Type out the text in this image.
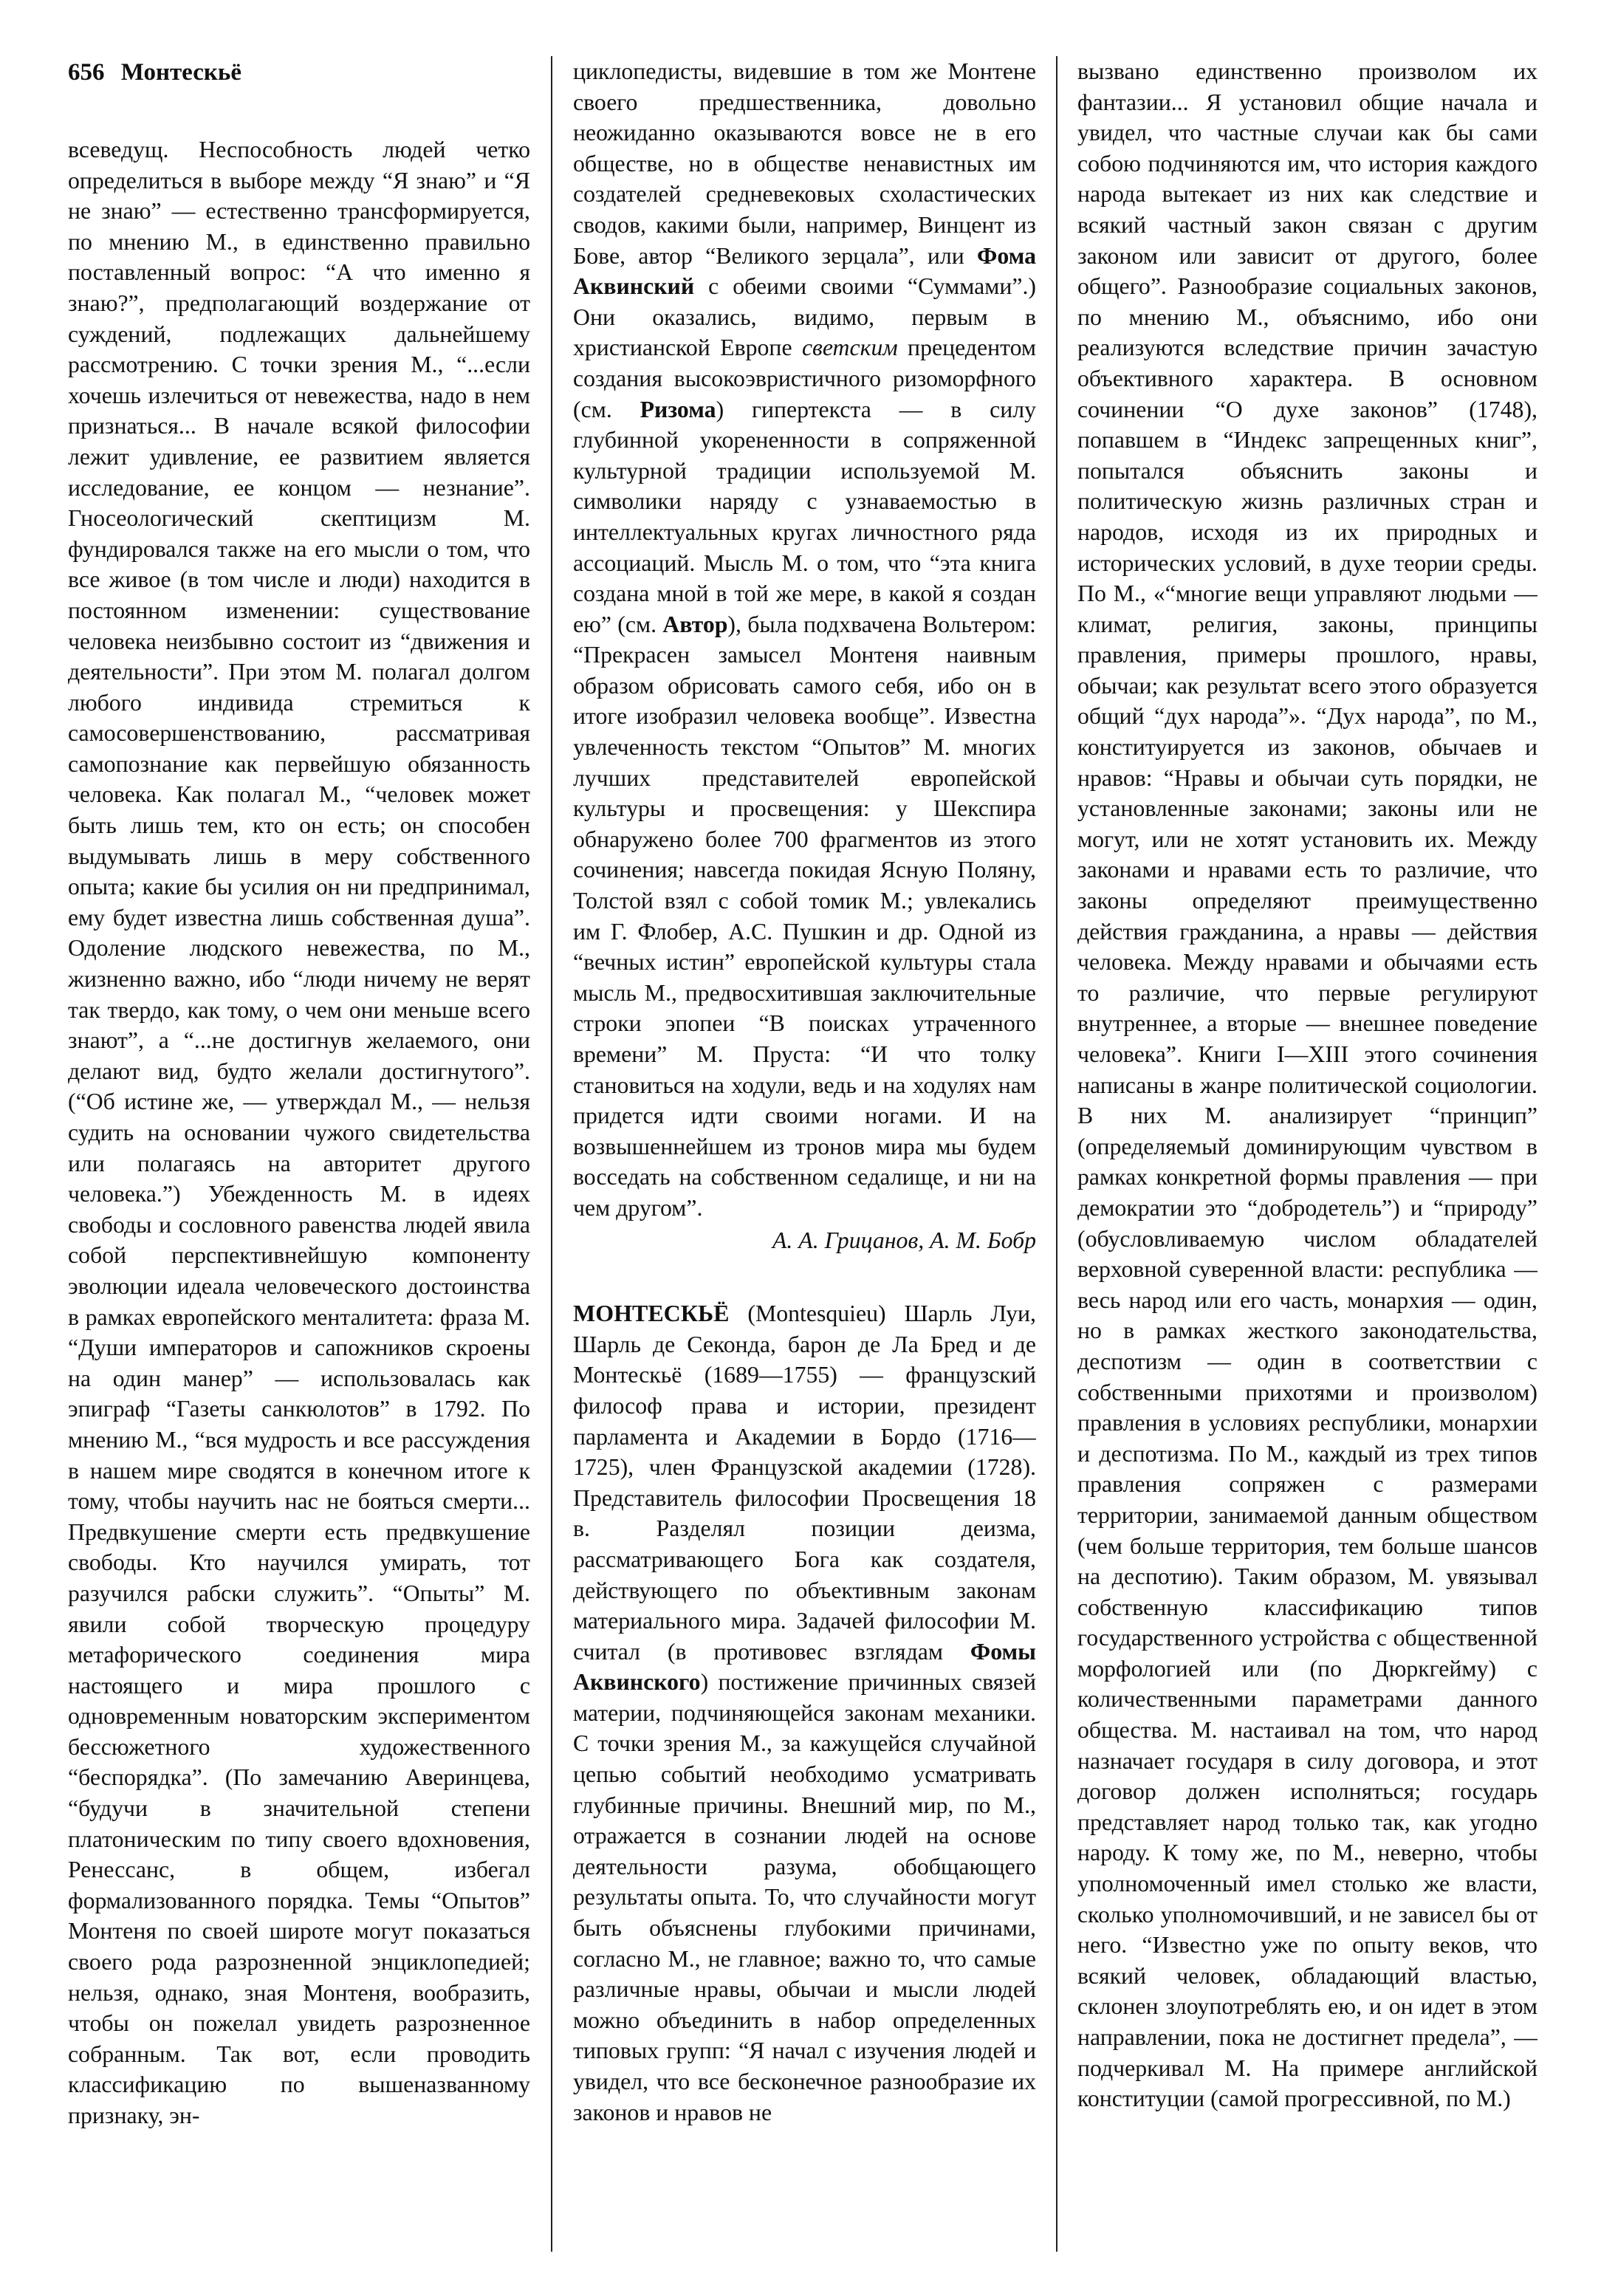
656 Монтескьё

всеведущ. Неспособность людей четко определиться в выборе между “Я знаю” и “Я не знаю” — естественно трансформируется, по мнению М., в единственно правильно поставленный вопрос: “А что именно я знаю?”, предполагающий воздержание от суждений, подлежащих дальнейшему рассмотрению. С точки зрения М., “...если хочешь излечиться от невежества, надо в нем признаться... В начале всякой философии лежит удивление, ее развитием является исследование, ее концом — незнание”. Гносеологический скептицизм М. фундировался также на его мысли о том, что все живое (в том числе и люди) находится в постоянном изменении: существование человека неизбывно состоит из “движения и деятельности”. При этом М. полагал долгом любого индивида стремиться к самосовершенствованию, рассматривая самопознание как первейшую обязанность человека. Как полагал М., “человек может быть лишь тем, кто он есть; он способен выдумывать лишь в меру собственного опыта; какие бы усилия он ни предпринимал, ему будет известна лишь собственная душа”. Одоление людского невежества, по М., жизненно важно, ибо “люди ничему не верят так твердо, как тому, о чем они меньше всего знают”, а “...не достигнув желаемого, они делают вид, будто желали достигнутого”. (“Об истине же, — утверждал М., — нельзя судить на основании чужого свидетельства или полагаясь на авторитет другого человека.”) Убежденность М. в идеях свободы и сословного равенства людей явила собой перспективнейшую компоненту эволюции идеала человеческого достоинства в рамках европейского менталитета: фраза М. “Души императоров и сапожников скроены на один манер” — использовалась как эпиграф “Газеты санкюлотов” в 1792. По мнению М., “вся мудрость и все рассуждения в нашем мире сводятся в конечном итоге к тому, чтобы научить нас не бояться смерти... Предвкушение смерти есть предвкушение свободы. Кто научился умирать, тот разучился рабски служить”. “Опыты” М. явили собой творческую процедуру метафорического соединения мира настоящего и мира прошлого с одновременным новаторским экспериментом бессюжетного художественного “беспорядка”. (По замечанию Аверинцева, “будучи в значительной степени платоническим по типу своего вдохновения, Ренессанс, в общем, избегал формализованного порядка. Темы “Опытов” Монтеня по своей широте могут показаться своего рода разрозненной энциклопедией; нельзя, однако, зная Монтеня, вообразить, чтобы он пожелал увидеть разрозненное собранным. Так вот, если проводить классификацию по вышеназванному признаку, эн-

циклопедисты, видевшие в том же Монтене своего предшественника, довольно неожиданно оказываются вовсе не в его обществе, но в обществе ненавистных им создателей средневековых схоластических сводов, какими были, например, Винцент из Бове, автор “Великого зерцала”, или Фома Аквинский с обеими своими “Суммами”.) Они оказались, видимо, первым в христианской Европе светским прецедентом создания высокоэвристичного ризоморфного (см. Ризома) гипертекста — в силу глубинной укорененности в сопряженной культурной традиции используемой М. символики наряду с узнаваемостью в интеллектуальных кругах личностного ряда ассоциаций. Мысль М. о том, что “эта книга создана мной в той же мере, в какой я создан ею” (см. Автор), была подхвачена Вольтером: “Прекрасен замысел Монтеня наивным образом обрисовать самого себя, ибо он в итоге изобразил человека вообще”. Известна увлеченность текстом “Опытов” М. многих лучших представителей европейской культуры и просвещения: у Шекспира обнаружено более 700 фрагментов из этого сочинения; навсегда покидая Ясную Поляну, Толстой взял с собой томик М.; увлекались им Г. Флобер, А.С. Пушкин и др. Одной из “вечных истин” европейской культуры стала мысль М., предвосхитившая заключительные строки эпопеи “В поисках утраченного времени” М. Пруста: “И что толку становиться на ходули, ведь и на ходулях нам придется идти своими ногами. И на возвышеннейшем из тронов мира мы будем восседать на собственном седалище, и ни на чем другом”.

А. А. Грицанов, А. М. Бобр

МОНТЕСКЬЁ (Montesquieu) Шарль Луи, Шарль де Секонда, барон де Ла Бред и де Монтескьё (1689—1755) — французский философ права и истории, президент парламента и Академии в Бордо (1716—1725), член Французской академии (1728). Представитель философии Просвещения 18 в. Разделял позиции деизма, рассматривающего Бога как создателя, действующего по объективным законам материального мира. Задачей философии М. считал (в противовес взглядам Фомы Аквинского) постижение причинных связей материи, подчиняющейся законам механики. С точки зрения М., за кажущейся случайной цепью событий необходимо усматривать глубинные причины. Внешний мир, по М., отражается в сознании людей на основе деятельности разума, обобщающего результаты опыта. То, что случайности могут быть объяснены глубокими причинами, согласно М., не главное; важно то, что самые различные нравы, обычаи и мысли людей можно объединить в набор определенных типовых групп: “Я начал с изучения людей и увидел, что все бесконечное разнообразие их законов и нравов не

вызвано единственно произволом их фантазии... Я установил общие начала и увидел, что частные случаи как бы сами собою подчиняются им, что история каждого народа вытекает из них как следствие и всякий частный закон связан с другим законом или зависит от другого, более общего”. Разнообразие социальных законов, по мнению М., объяснимо, ибо они реализуются вследствие причин зачастую объективного характера. В основном сочинении “О духе законов” (1748), попавшем в “Индекс запрещенных книг”, попытался объяснить законы и политическую жизнь различных стран и народов, исходя из их природных и исторических условий, в духе теории среды. По М., «“многие вещи управляют людьми — климат, религия, законы, принципы правления, примеры прошлого, нравы, обычаи; как результат всего этого образуется общий “дух народа”». “Дух народа”, по М., конституируется из законов, обычаев и нравов: “Нравы и обычаи суть порядки, не установленные законами; законы или не могут, или не хотят установить их. Между законами и нравами есть то различие, что законы определяют преимущественно действия гражданина, а нравы — действия человека. Между нравами и обычаями есть то различие, что первые регулируют внутреннее, а вторые — внешнее поведение человека”. Книги I—XIII этого сочинения написаны в жанре политической социологии. В них М. анализирует “принцип” (определяемый доминирующим чувством в рамках конкретной формы правления — при демократии это “добродетель”) и “природу” (обусловливаемую числом обладателей верховной суверенной власти: республика — весь народ или его часть, монархия — один, но в рамках жесткого законодательства, деспотизм — один в соответствии с собственными прихотями и произволом) правления в условиях республики, монархии и деспотизма. По М., каждый из трех типов правления сопряжен с размерами территории, занимаемой данным обществом (чем больше территория, тем больше шансов на деспотию). Таким образом, М. увязывал собственную классификацию типов государственного устройства с общественной морфологией или (по Дюркгейму) с количественными параметрами данного общества. М. настаивал на том, что народ назначает государя в силу договора, и этот договор должен исполняться; государь представляет народ только так, как угодно народу. К тому же, по М., неверно, чтобы уполномоченный имел столько же власти, сколько уполномочивший, и не зависел бы от него. “Известно уже по опыту веков, что всякий человек, обладающий властью, склонен злоупотреблять ею, и он идет в этом направлении, пока не достигнет предела”, — подчеркивал М. На примере английской конституции (самой прогрессивной, по М.)
